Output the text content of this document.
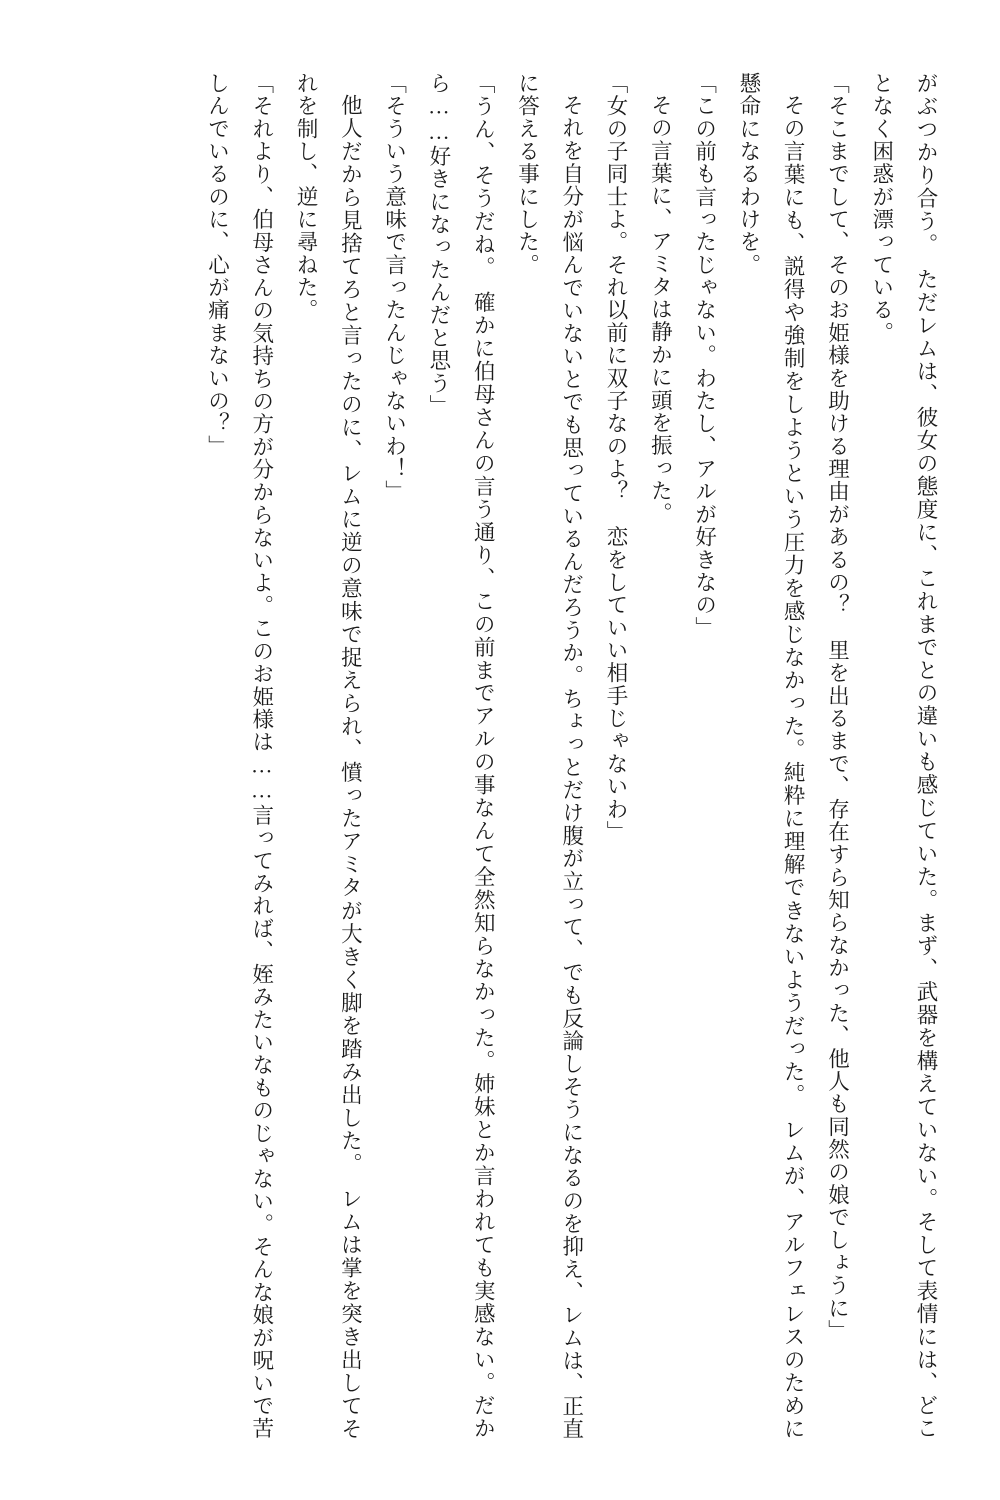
がぶつかり合う。　ただレムは、彼女の態度に、これまでとの違いも感じていた。まず、武器を構えていない。そして表情には、どことなく困惑が漂っている。

「そこまでして、そのお姫様を助ける理由があるの？　里を出るまで、存在すら知らなかった、他人も同然の娘でしょうに」

その言葉にも、説得や強制をしようという圧力を感じなかった。純粋に理解できないようだった。　レムが、アルフェレスのために懸命になるわけを。

「この前も言ったじゃない。わたし、アルが好きなの」

その言葉に、アミタは静かに頭を振った。

「女の子同士よ。それ以前に双子なのよ？　恋をしていい相手じゃないわ」

それを自分が悩んでいないとでも思っているんだろうか。ちょっとだけ腹が立って、でも反論しそうになるのを抑え、レムは、正直に答える事にした。

「うん、そうだね。　確かに伯母さんの言う通り、この前までアルの事なんて全然知らなかった。姉妹とか言われても実感ない。だから……好きになったんだと思う」

「そういう意味で言ったんじゃないわ！」

他人だから見捨てろと言ったのに、レムに逆の意味で捉えられ、憤ったアミタが大きく脚を踏み出した。　レムは掌を突き出してそれを制し、逆に尋ねた。

「それより、伯母さんの気持ちの方が分からないよ。このお姫様は……言ってみれば、姪みたいなものじゃない。そんな娘が呪いで苦しんでいるのに、心が痛まないの？」
